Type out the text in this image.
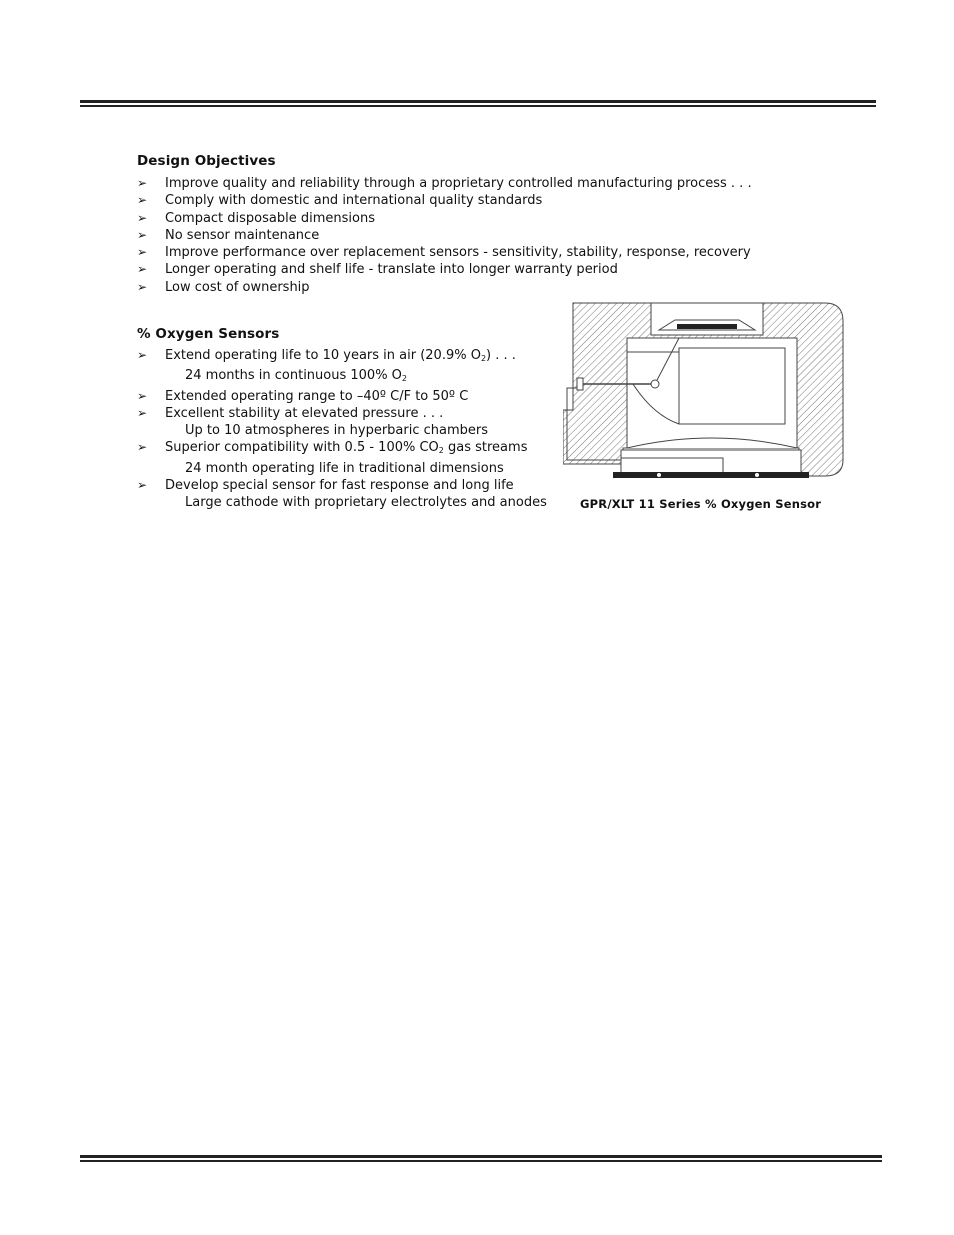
Design Objectives
➢ Improve quality and reliability through a proprietary controlled manufacturing process . . .
➢ Comply with domestic and international quality standards
➢ Compact disposable dimensions
➢ No sensor maintenance
➢ Improve performance over replacement sensors - sensitivity, stability, response, recovery
➢ Longer operating and shelf life - translate into longer warranty period
➢ Low cost of ownership
% Oxygen Sensors
➢ Extend operating life to 10 years in air (20.9% $O_2$) . . .
24 months in continuous 100% $O_2$
➢ Extended operating range to –40º C/F to 50º C
➢ Excellent stability at elevated pressure . . .
Up to 10 atmospheres in hyperbaric chambers
➢ Superior compatibility with 0.5 - 100% $CO_2$ gas streams
24 month operating life in traditional dimensions
➢ Develop special sensor for fast response and long life
Large cathode with proprietary electrolytes and anodes	GPR/XLT 11 Series % Oxygen Sensor
